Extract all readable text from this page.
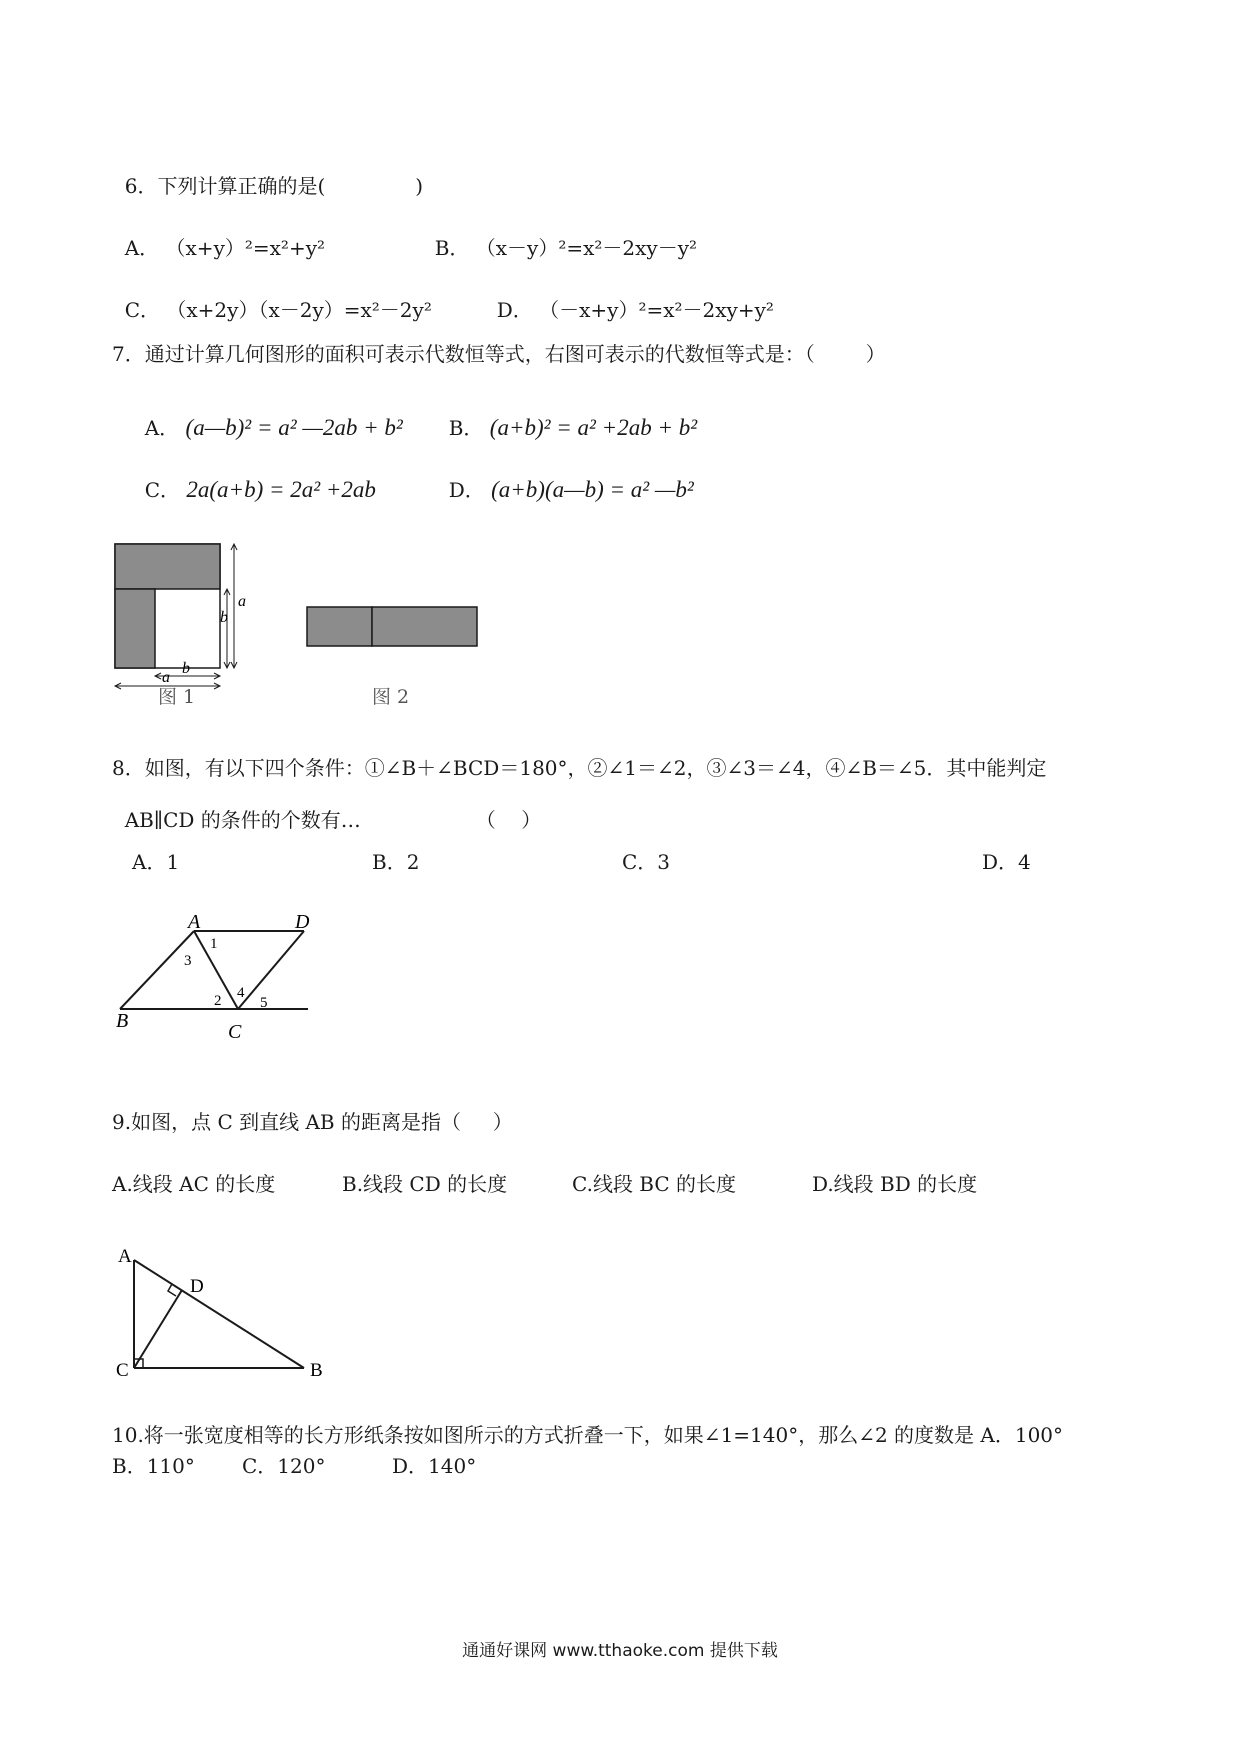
6．下列计算正确的是(	)

A． （x+y）²=x²+y²	B． （x－y）²=x²－2xy－y²

C． （x+2y）（x－2y）=x²－2y²	D． （－x+y）²=x²－2xy+y²

7．通过计算几何图形的面积可表示代数恒等式，右图可表示的代数恒等式是：（        ）

A． (a—b)² = a² —2ab + b²	B． (a+b)² = a² +2ab + b²

C． 2a(a+b) = 2a² +2ab	D． (a+b)(a—b) = a² —b²

a
b
b
a
图 1	图 2
8．如图，有以下四个条件：①∠B＋∠BCD＝180°，②∠1＝∠2，③∠3＝∠4，④∠B＝∠5．其中能判定

AB∥CD 的条件的个数有…	（    ）

A．1	B．2	C．3	D．4
A	D
B	C
1
3
2 4
5
9.如图，点 C 到直线 AB 的距离是指（     ）
A.线段 AC 的长度	B.线段 CD 的长度	C.线段 BC 的长度	D.线段 BD 的长度
A
D
C	B
10.将一张宽度相等的长方形纸条按如图所示的方式折叠一下，如果∠1=140°，那么∠2 的度数是 A．100°
B．110° C．120°	D．140°
通通好课网 www.tthaoke.com 提供下载
